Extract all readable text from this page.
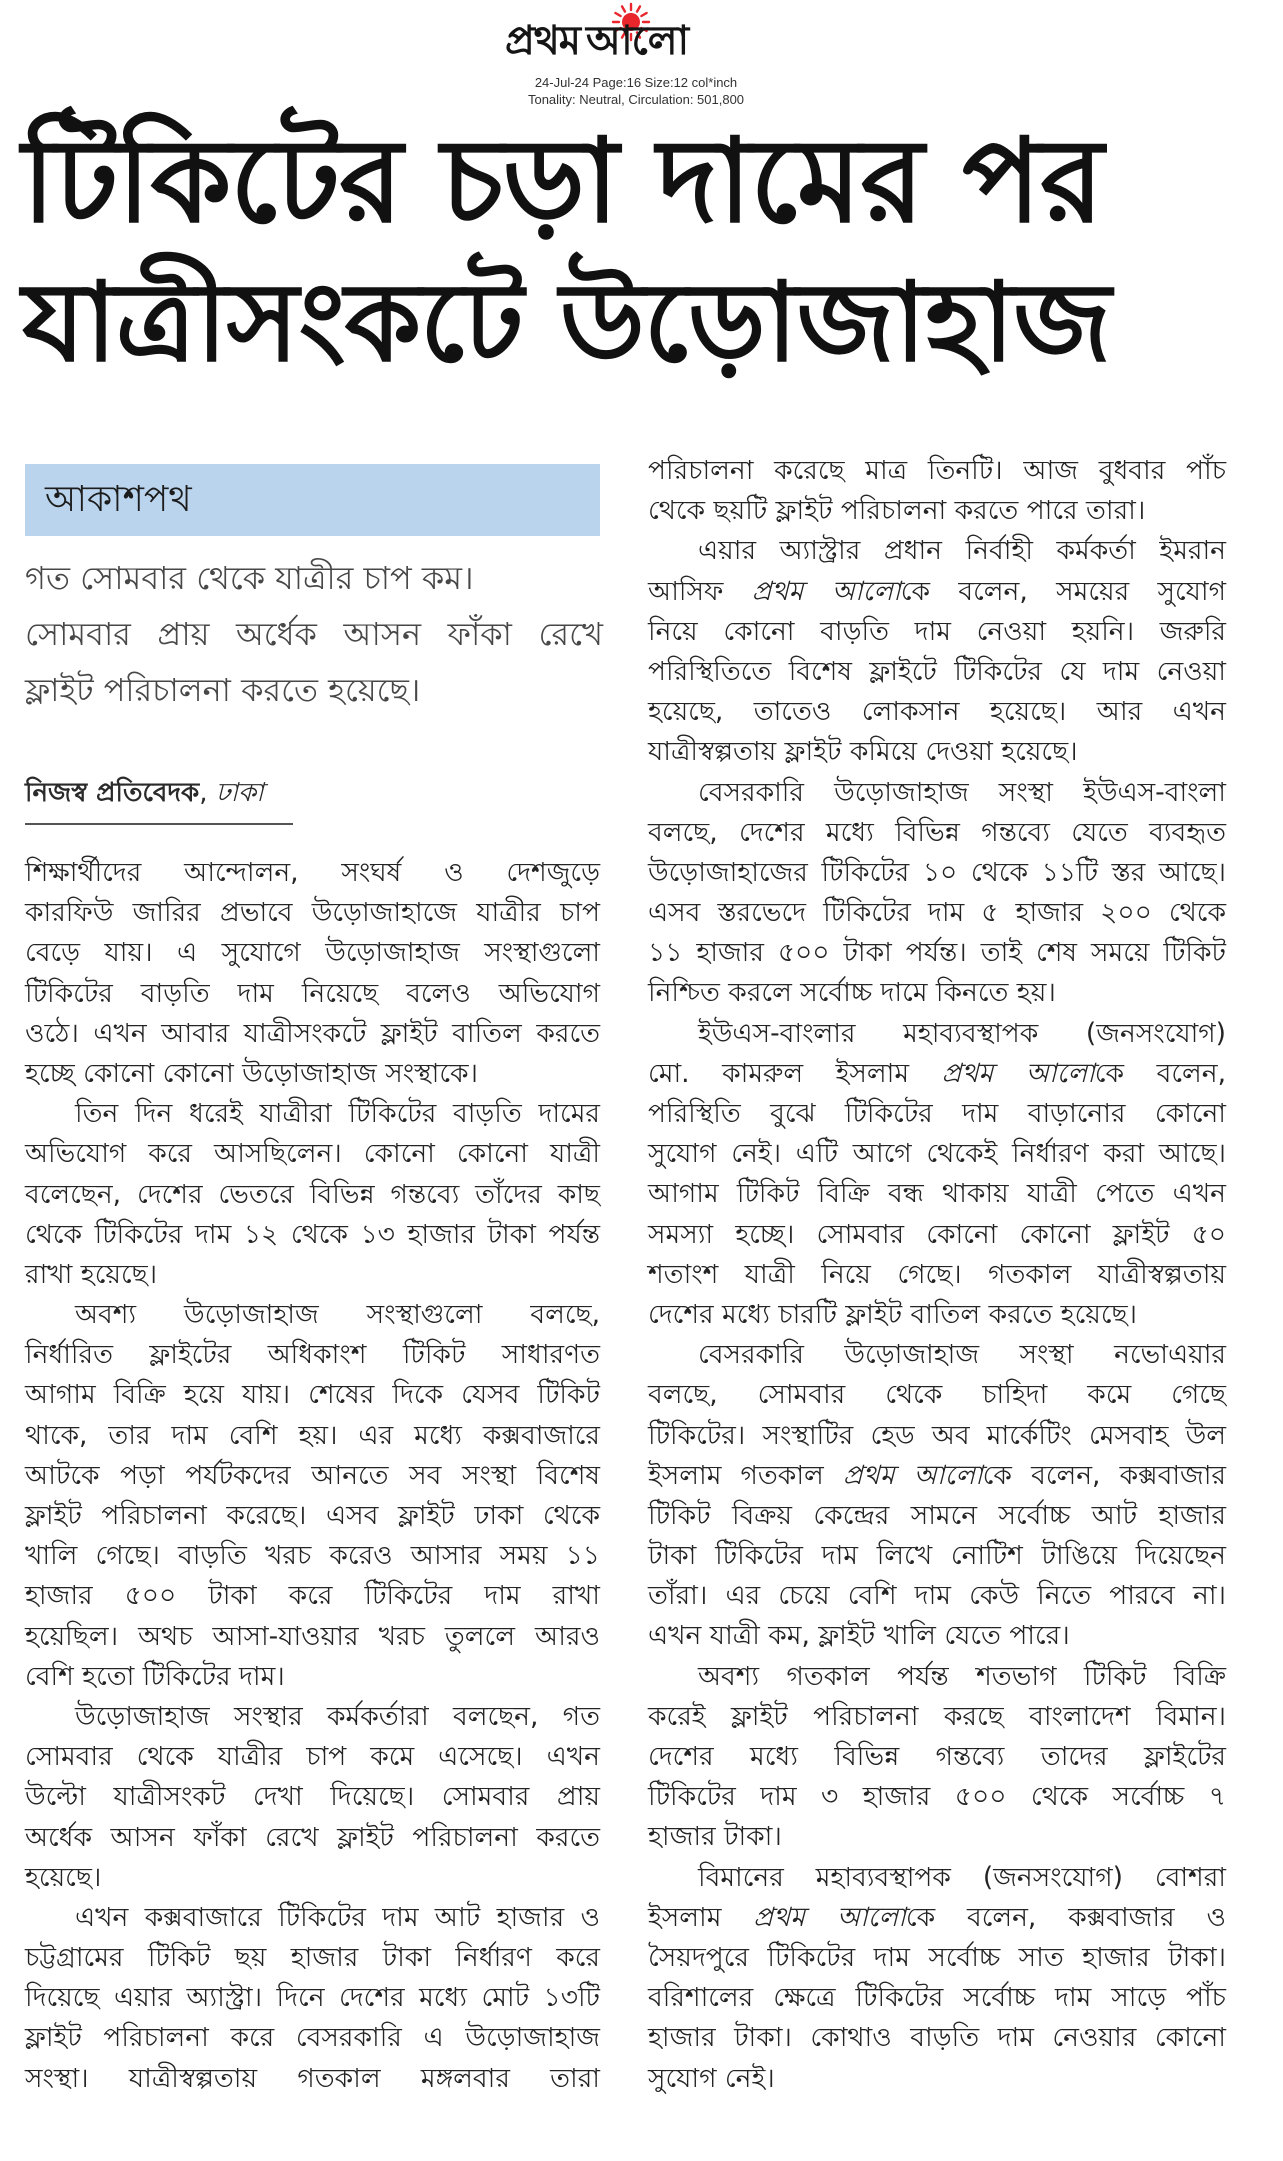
প্রথম আলো
24-Jul-24 Page:16 Size:12 col*inch
Tonality: Neutral, Circulation: 501,800
টিকিটের চড়া দামের পর
যাত্রীসংকটে উড়োজাহাজ
আকাশপথ
গত সোমবার থেকে যাত্রীর চাপ কম।
সোমবার প্রায় অর্ধেক আসন ফাঁকা রেখে
ফ্লাইট পরিচালনা করতে হয়েছে।
নিজস্ব প্রতিবেদক, ঢাকা
শিক্ষার্থীদের আন্দোলন, সংঘর্ষ ও দেশজুড়ে
কারফিউ জারির প্রভাবে উড়োজাহাজে যাত্রীর চাপ
বেড়ে যায়। এ সুযোগে উড়োজাহাজ সংস্থাগুলো
টিকিটের বাড়তি দাম নিয়েছে বলেও অভিযোগ
ওঠে। এখন আবার যাত্রীসংকটে ফ্লাইট বাতিল করতে
হচ্ছে কোনো কোনো উড়োজাহাজ সংস্থাকে।
তিন দিন ধরেই যাত্রীরা টিকিটের বাড়তি দামের
অভিযোগ করে আসছিলেন। কোনো কোনো যাত্রী
বলেছেন, দেশের ভেতরে বিভিন্ন গন্তব্যে তাঁদের কাছ
থেকে টিকিটের দাম ১২ থেকে ১৩ হাজার টাকা পর্যন্ত
রাখা হয়েছে।
অবশ্য উড়োজাহাজ সংস্থাগুলো বলছে,
নির্ধারিত ফ্লাইটের অধিকাংশ টিকিট সাধারণত
আগাম বিক্রি হয়ে যায়। শেষের দিকে যেসব টিকিট
থাকে, তার দাম বেশি হয়। এর মধ্যে কক্সবাজারে
আটকে পড়া পর্যটকদের আনতে সব সংস্থা বিশেষ
ফ্লাইট পরিচালনা করেছে। এসব ফ্লাইট ঢাকা থেকে
খালি গেছে। বাড়তি খরচ করেও আসার সময় ১১
হাজার ৫০০ টাকা করে টিকিটের দাম রাখা
হয়েছিল। অথচ আসা-যাওয়ার খরচ তুললে আরও
বেশি হতো টিকিটের দাম।
উড়োজাহাজ সংস্থার কর্মকর্তারা বলছেন, গত
সোমবার থেকে যাত্রীর চাপ কমে এসেছে। এখন
উল্টো যাত্রীসংকট দেখা দিয়েছে। সোমবার প্রায়
অর্ধেক আসন ফাঁকা রেখে ফ্লাইট পরিচালনা করতে
হয়েছে।
এখন কক্সবাজারে টিকিটের দাম আট হাজার ও
চট্টগ্রামের টিকিট ছয় হাজার টাকা নির্ধারণ করে
দিয়েছে এয়ার অ্যাস্ট্রা। দিনে দেশের মধ্যে মোট ১৩টি
ফ্লাইট পরিচালনা করে বেসরকারি এ উড়োজাহাজ
সংস্থা। যাত্রীস্বল্পতায় গতকাল মঙ্গলবার তারা
পরিচালনা করেছে মাত্র তিনটি। আজ বুধবার পাঁচ
থেকে ছয়টি ফ্লাইট পরিচালনা করতে পারে তারা।
এয়ার অ্যাস্ট্রার প্রধান নির্বাহী কর্মকর্তা ইমরান
আসিফ প্রথম আলোকে বলেন, সময়ের সুযোগ
নিয়ে কোনো বাড়তি দাম নেওয়া হয়নি। জরুরি
পরিস্থিতিতে বিশেষ ফ্লাইটে টিকিটের যে দাম নেওয়া
হয়েছে, তাতেও লোকসান হয়েছে। আর এখন
যাত্রীস্বল্পতায় ফ্লাইট কমিয়ে দেওয়া হয়েছে।
বেসরকারি উড়োজাহাজ সংস্থা ইউএস-বাংলা
বলছে, দেশের মধ্যে বিভিন্ন গন্তব্যে যেতে ব্যবহৃত
উড়োজাহাজের টিকিটের ১০ থেকে ১১টি স্তর আছে।
এসব স্তরভেদে টিকিটের দাম ৫ হাজার ২০০ থেকে
১১ হাজার ৫০০ টাকা পর্যন্ত। তাই শেষ সময়ে টিকিট
নিশ্চিত করলে সর্বোচ্চ দামে কিনতে হয়।
ইউএস-বাংলার মহাব্যবস্থাপক (জনসংযোগ)
মো. কামরুল ইসলাম প্রথম আলোকে বলেন,
পরিস্থিতি বুঝে টিকিটের দাম বাড়ানোর কোনো
সুযোগ নেই। এটি আগে থেকেই নির্ধারণ করা আছে।
আগাম টিকিট বিক্রি বন্ধ থাকায় যাত্রী পেতে এখন
সমস্যা হচ্ছে। সোমবার কোনো কোনো ফ্লাইট ৫০
শতাংশ যাত্রী নিয়ে গেছে। গতকাল যাত্রীস্বল্পতায়
দেশের মধ্যে চারটি ফ্লাইট বাতিল করতে হয়েছে।
বেসরকারি উড়োজাহাজ সংস্থা নভোএয়ার
বলছে, সোমবার থেকে চাহিদা কমে গেছে
টিকিটের। সংস্থাটির হেড অব মার্কেটিং মেসবাহ উল
ইসলাম গতকাল প্রথম আলোকে বলেন, কক্সবাজার
টিকিট বিক্রয় কেন্দ্রের সামনে সর্বোচ্চ আট হাজার
টাকা টিকিটের দাম লিখে নোটিশ টাঙিয়ে দিয়েছেন
তাঁরা। এর চেয়ে বেশি দাম কেউ নিতে পারবে না।
এখন যাত্রী কম, ফ্লাইট খালি যেতে পারে।
অবশ্য গতকাল পর্যন্ত শতভাগ টিকিট বিক্রি
করেই ফ্লাইট পরিচালনা করছে বাংলাদেশ বিমান।
দেশের মধ্যে বিভিন্ন গন্তব্যে তাদের ফ্লাইটের
টিকিটের দাম ৩ হাজার ৫০০ থেকে সর্বোচ্চ ৭
হাজার টাকা।
বিমানের মহাব্যবস্থাপক (জনসংযোগ) বোশরা
ইসলাম প্রথম আলোকে বলেন, কক্সবাজার ও
সৈয়দপুরে টিকিটের দাম সর্বোচ্চ সাত হাজার টাকা।
বরিশালের ক্ষেত্রে টিকিটের সর্বোচ্চ দাম সাড়ে পাঁচ
হাজার টাকা। কোথাও বাড়তি দাম নেওয়ার কোনো
সুযোগ নেই।
